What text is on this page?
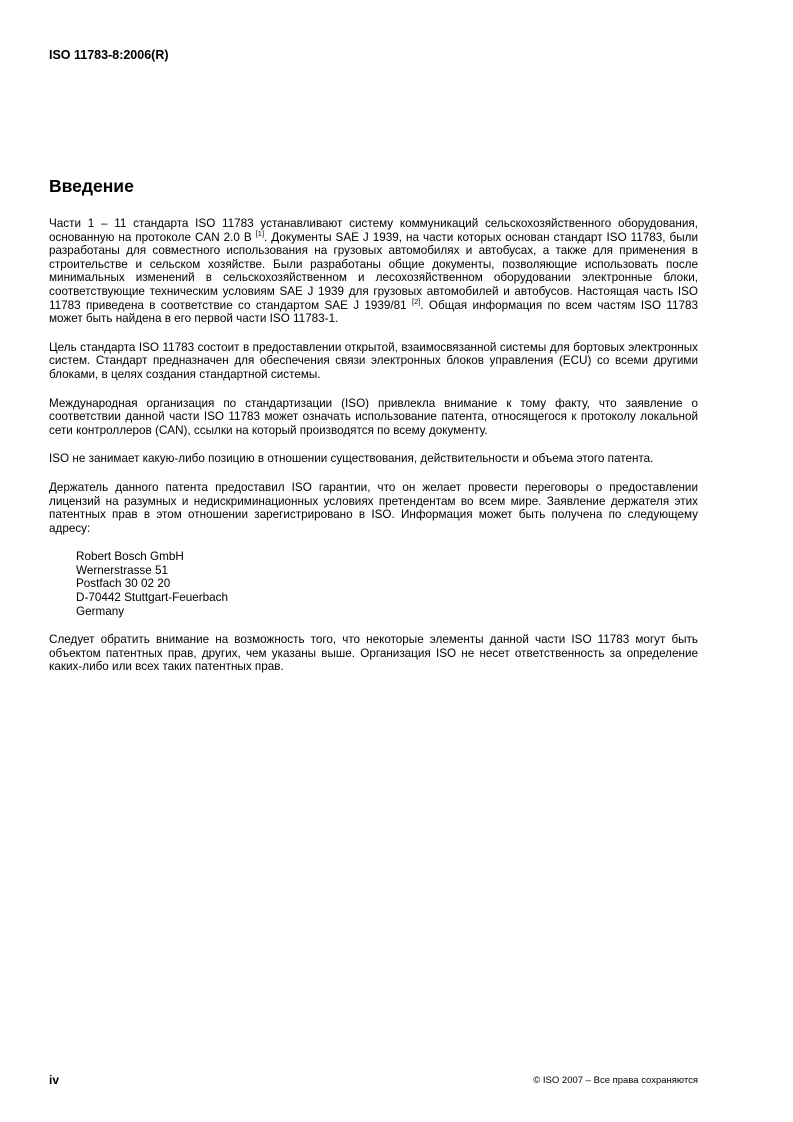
ISO 11783-8:2006(R)
Введение

Части 1 – 11 стандарта ISO 11783 устанавливают систему коммуникаций сельскохозяйственного оборудования, основанную на протоколе CAN 2.0 B [1]. Документы SAE J 1939, на части которых основан стандарт ISO 11783, были разработаны для совместного использования на грузовых автомобилях и автобусах, а также для применения в строительстве и сельском хозяйстве. Были разработаны общие документы, позволяющие использовать после минимальных изменений в сельскохозяйственном и лесохозяйственном оборудовании электронные блоки, соответствующие техническим условиям SAE J 1939 для грузовых автомобилей и автобусов. Настоящая часть ISO 11783 приведена в соответствие со стандартом SAE J 1939/81 [2]. Общая информация по всем частям ISO 11783 может быть найдена в его первой части ISO 11783-1.

Цель стандарта ISO 11783 состоит в предоставлении открытой, взаимосвязанной системы для бортовых электронных систем. Стандарт предназначен для обеспечения связи электронных блоков управления (ECU) со всеми другими блоками, в целях создания стандартной системы.

Международная организация по стандартизации (ISO) привлекла внимание к тому факту, что заявление о соответствии данной части ISO 11783 может означать использование патента, относящегося к протоколу локальной сети контроллеров (CAN), ссылки на который производятся по всему документу.

ISO не занимает какую-либо позицию в отношении существования, действительности и объема этого патента.

Держатель данного патента предоставил ISO гарантии, что он желает провести переговоры о предоставлении лицензий на разумных и недискриминационных условиях претендентам во всем мире. Заявление держателя этих патентных прав в этом отношении зарегистрировано в ISO. Информация может быть получена по следующему адресу:

Robert Bosch GmbH
Wernerstrasse 51
Postfach 30 02 20
D-70442 Stuttgart-Feuerbach
Germany

Следует обратить внимание на возможность того, что некоторые элементы данной части ISO 11783 могут быть объектом патентных прав, других, чем указаны выше. Организация ISO не несет ответственность за определение каких-либо или всех таких патентных прав.

iv	© ISO 2007 – Все права сохраняются
